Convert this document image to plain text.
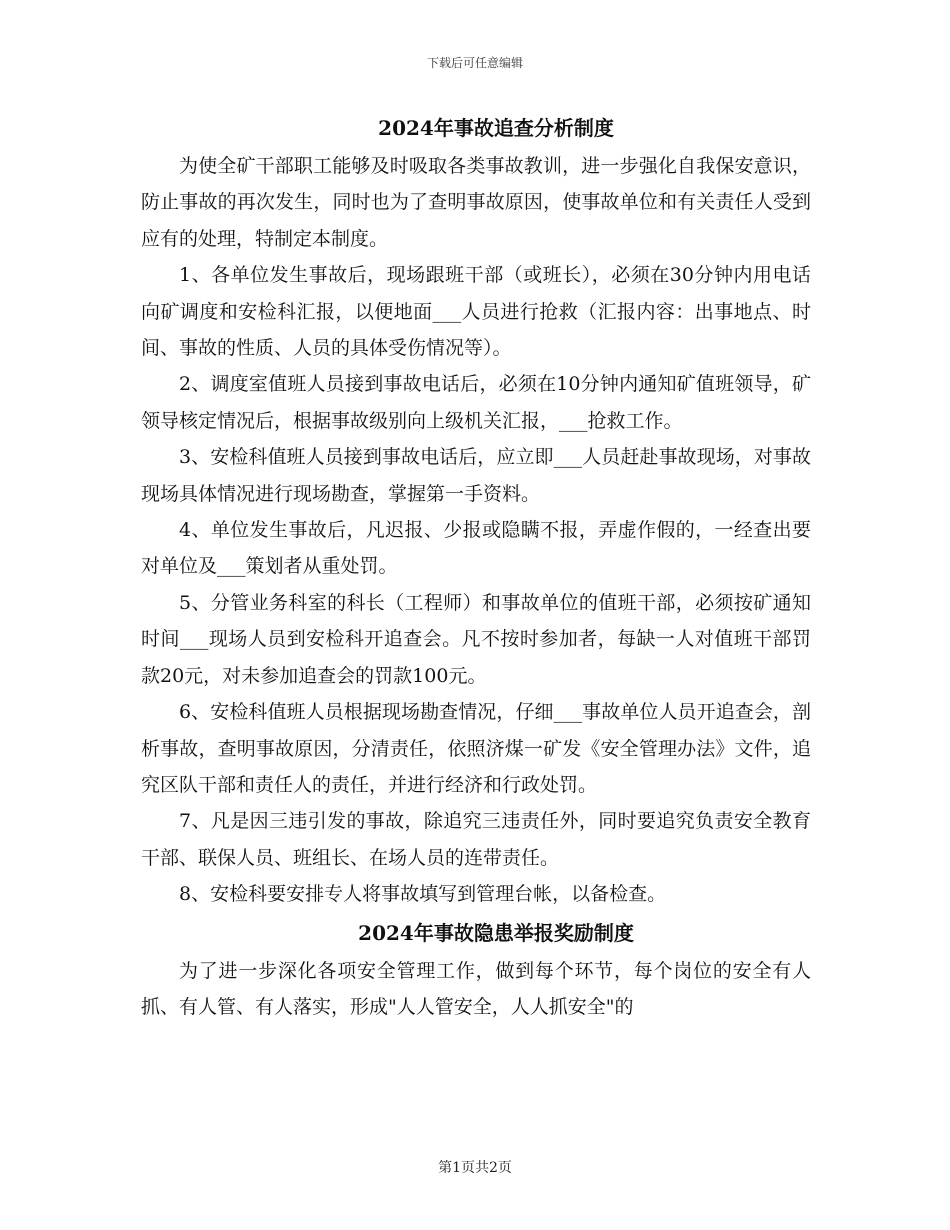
下载后可任意编辑
2024年事故追查分析制度

为使全矿干部职工能够及时吸取各类事故教训，进一步强化自我保安意识，防止事故的再次发生，同时也为了查明事故原因，使事故单位和有关责任人受到应有的处理，特制定本制度。

1、各单位发生事故后，现场跟班干部（或班长），必须在30分钟内用电话向矿调度和安检科汇报，以便地面___人员进行抢救（汇报内容：出事地点、时间、事故的性质、人员的具体受伤情况等）。

2、调度室值班人员接到事故电话后，必须在10分钟内通知矿值班领导，矿领导核定情况后，根据事故级别向上级机关汇报，___抢救工作。

3、安检科值班人员接到事故电话后，应立即___人员赶赴事故现场，对事故现场具体情况进行现场勘查，掌握第一手资料。

4、单位发生事故后，凡迟报、少报或隐瞒不报，弄虚作假的，一经查出要对单位及___策划者从重处罚。

5、分管业务科室的科长（工程师）和事故单位的值班干部，必须按矿通知时间___现场人员到安检科开追查会。凡不按时参加者，每缺一人对值班干部罚款20元，对未参加追查会的罚款100元。

6、安检科值班人员根据现场勘查情况，仔细___事故单位人员开追查会，剖析事故，查明事故原因，分清责任，依照济煤一矿发《安全管理办法》文件，追究区队干部和责任人的责任，并进行经济和行政处罚。

7、凡是因三违引发的事故，除追究三违责任外，同时要追究负责安全教育干部、联保人员、班组长、在场人员的连带责任。

8、安检科要安排专人将事故填写到管理台帐，以备检查。

2024年事故隐患举报奖励制度

为了进一步深化各项安全管理工作，做到每个环节，每个岗位的安全有人抓、有人管、有人落实，形成"人人管安全，人人抓安全"的

第1页共2页
